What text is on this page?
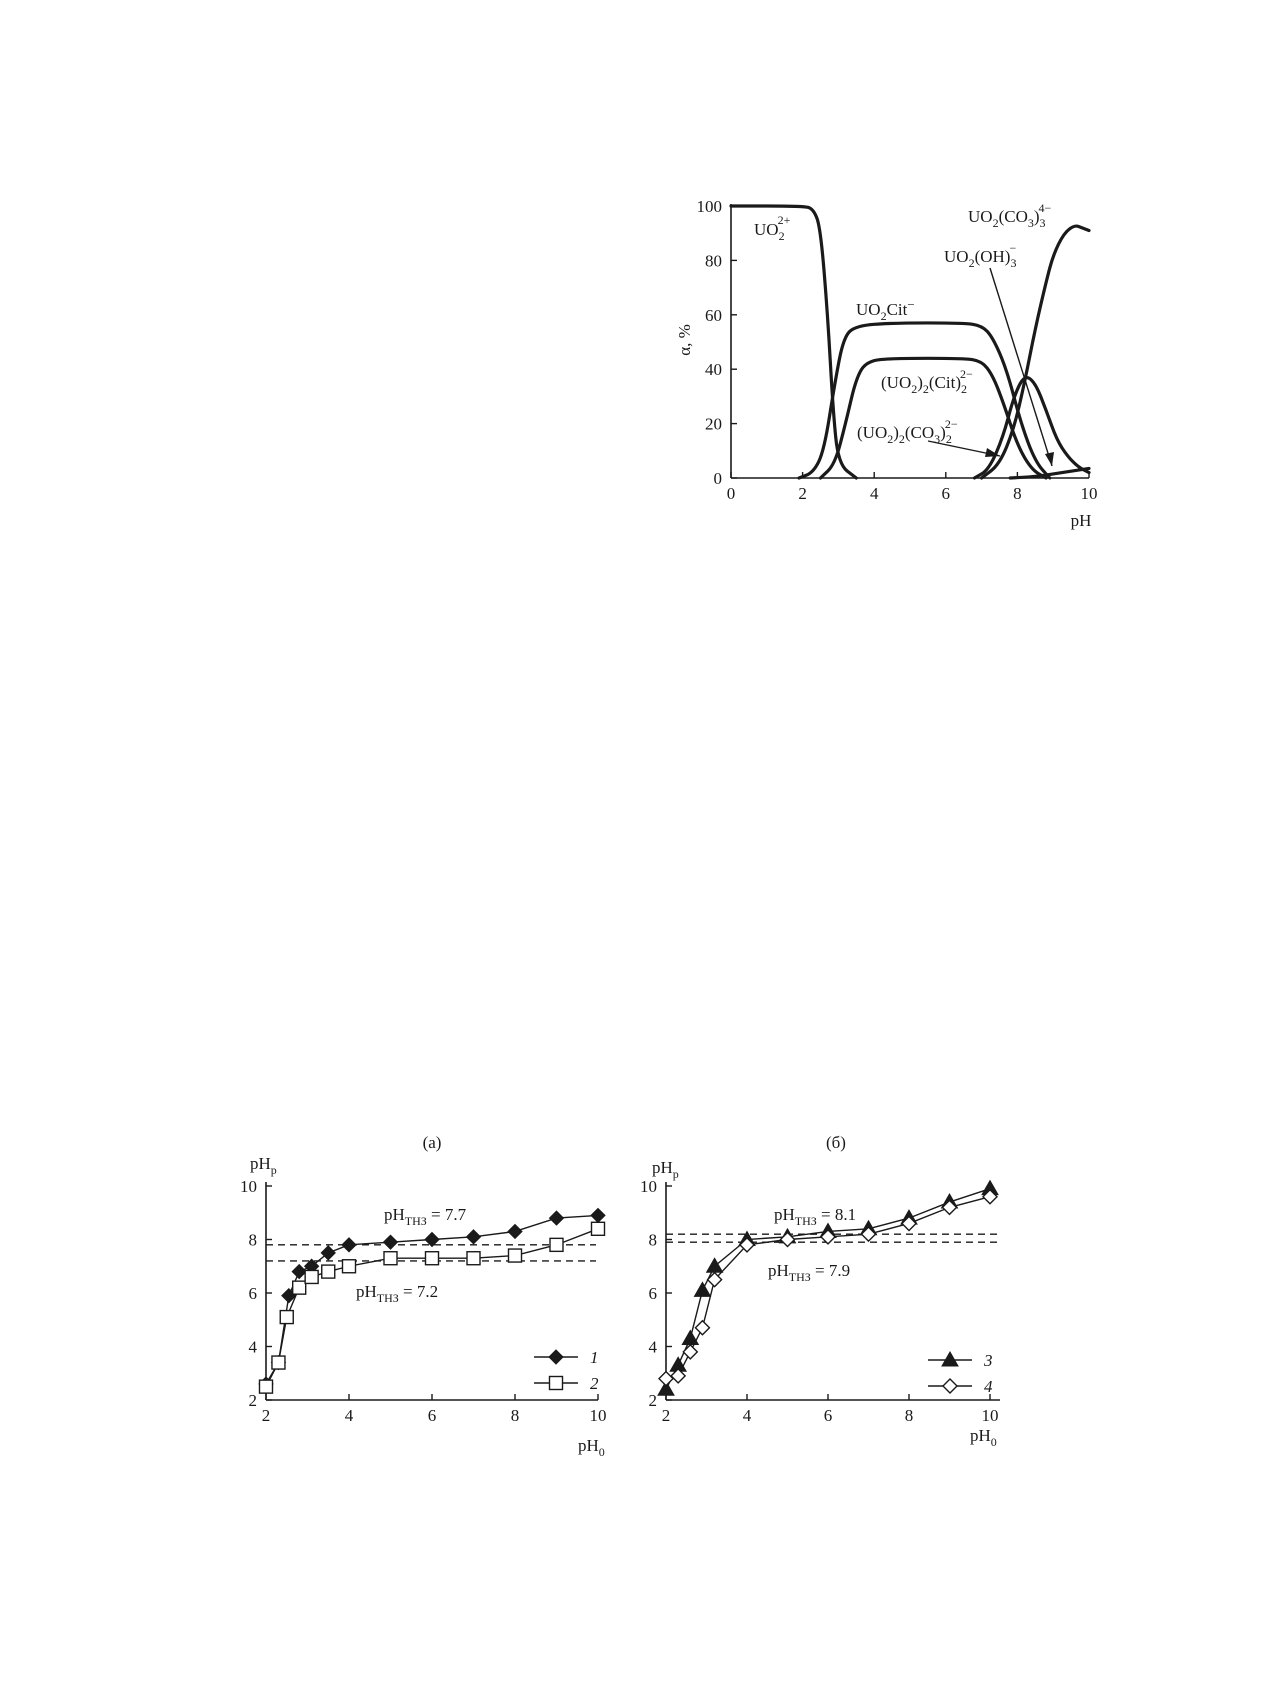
0	2	4	6	8	10
0
20
40
60
80
100
α, %
pH
$UO_22+$
$UO_2Cit^-$
$(UO_2)_2(Cit)_22-$
$(UO_2)_2(CO_3)_22-$
$UO_2(OH)_3-$
$UO_2(CO_3)_34-$
(а)
$pH_p$
$pH_0$
2	4	6	8	10
2
4
6
8
10
$pH_{ТНЗ} = 7.7$
$pH_{ТНЗ} = 7.2$
1
2
(б)
$pH_p$
$pH_0$
2	4	6	8	10
2
4
6
8
10
$pH_{ТНЗ} = 8.1$
$pH_{ТНЗ} = 7.9$
3
4
